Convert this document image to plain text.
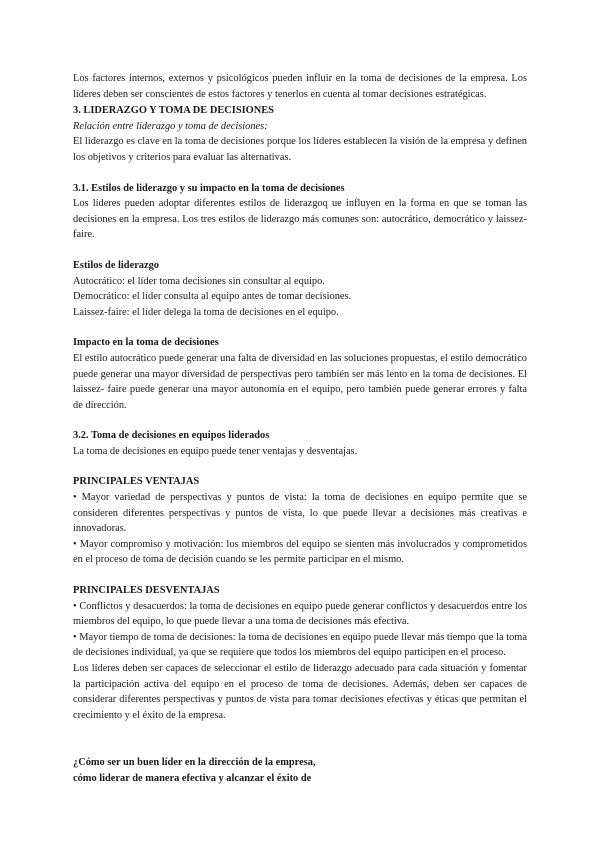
Los factores internos, externos y psicológicos pueden influir en la toma de decisiones de la empresa. Los líderes deben ser conscientes de estos factores y tenerlos en cuenta al tomar decisiones estratégicas.

3. LIDERAZGO Y TOMA DE DECISIONES

Relación entre liderazgo y toma de decisiones:

El liderazgo es clave en la toma de decisiones porque los líderes establecen la visión de la empresa y definen los objetivos y criterios para evaluar las alternativas.

3.1. Estilos de liderazgo y su impacto en la toma de decisiones

Los líderes pueden adoptar diferentes estilos de liderazgoq ue influyen en la forma en que se toman las decisiones en la empresa. Los tres estilos de liderazgo más comunes son: autocrático, democrático y laissez-faire.

Estilos de liderazgo

Autocrático: el líder toma decisiones sin consultar al equipo.

Democrático: el líder consulta al equipo antes de tomar decisiones.

Laissez-faire: el líder delega la toma de decisiones en el equipo.

Impacto en la toma de decisiones

El estilo autocrático puede generar una falta de diversidad en las soluciones propuestas, el estilo democrático puede generar una mayor diversidad de perspectivas pero también ser más lento en la toma de decisiones. El laissez- faire puede generar una mayor autonomía en el equipo, pero también puede generar errores y falta de dirección.

3.2. Toma de decisiones en equipos liderados

La toma de decisiones en equipo puede tener ventajas y desventajas.

PRINCIPALES VENTAJAS

• Mayor variedad de perspectivas y puntos de vista: la toma de decisiones en equipo permite que se consideren diferentes perspectivas y puntos de vista, lo que puede llevar a decisiones más creativas e innovadoras.

• Mayor compromiso y motivación: los miembros del equipo se sienten más involucrados y comprometidos en el proceso de toma de decisión cuando se les permite participar en el mismo.

PRINCIPALES DESVENTAJAS

• Conflictos y desacuerdos: la toma de decisiones en equipo puede generar conflictos y desacuerdos entre los miembros del equipo, lo que puede llevar a una toma de decisiones más efectiva.

• Mayor tiempo de toma de decisiones: la toma de decisiones en equipo puede llevar más tiempo que la toma de decisiones individual, ya que se requiere que todos los miembros del equipo participen en el proceso.

Los líderes deben ser capaces de seleccionar el estilo de liderazgo adecuado para cada situación y fomentar la participación activa del equipo en el proceso de toma de decisiones. Además, deben ser capaces de considerar diferentes perspectivas y puntos de vista para tomar decisiones efectivas y éticas que permitan el crecimiento y el éxito de la empresa.

¿Cómo ser un buen líder en la dirección de la empresa,

cómo liderar de manera efectiva y alcanzar el éxito de
